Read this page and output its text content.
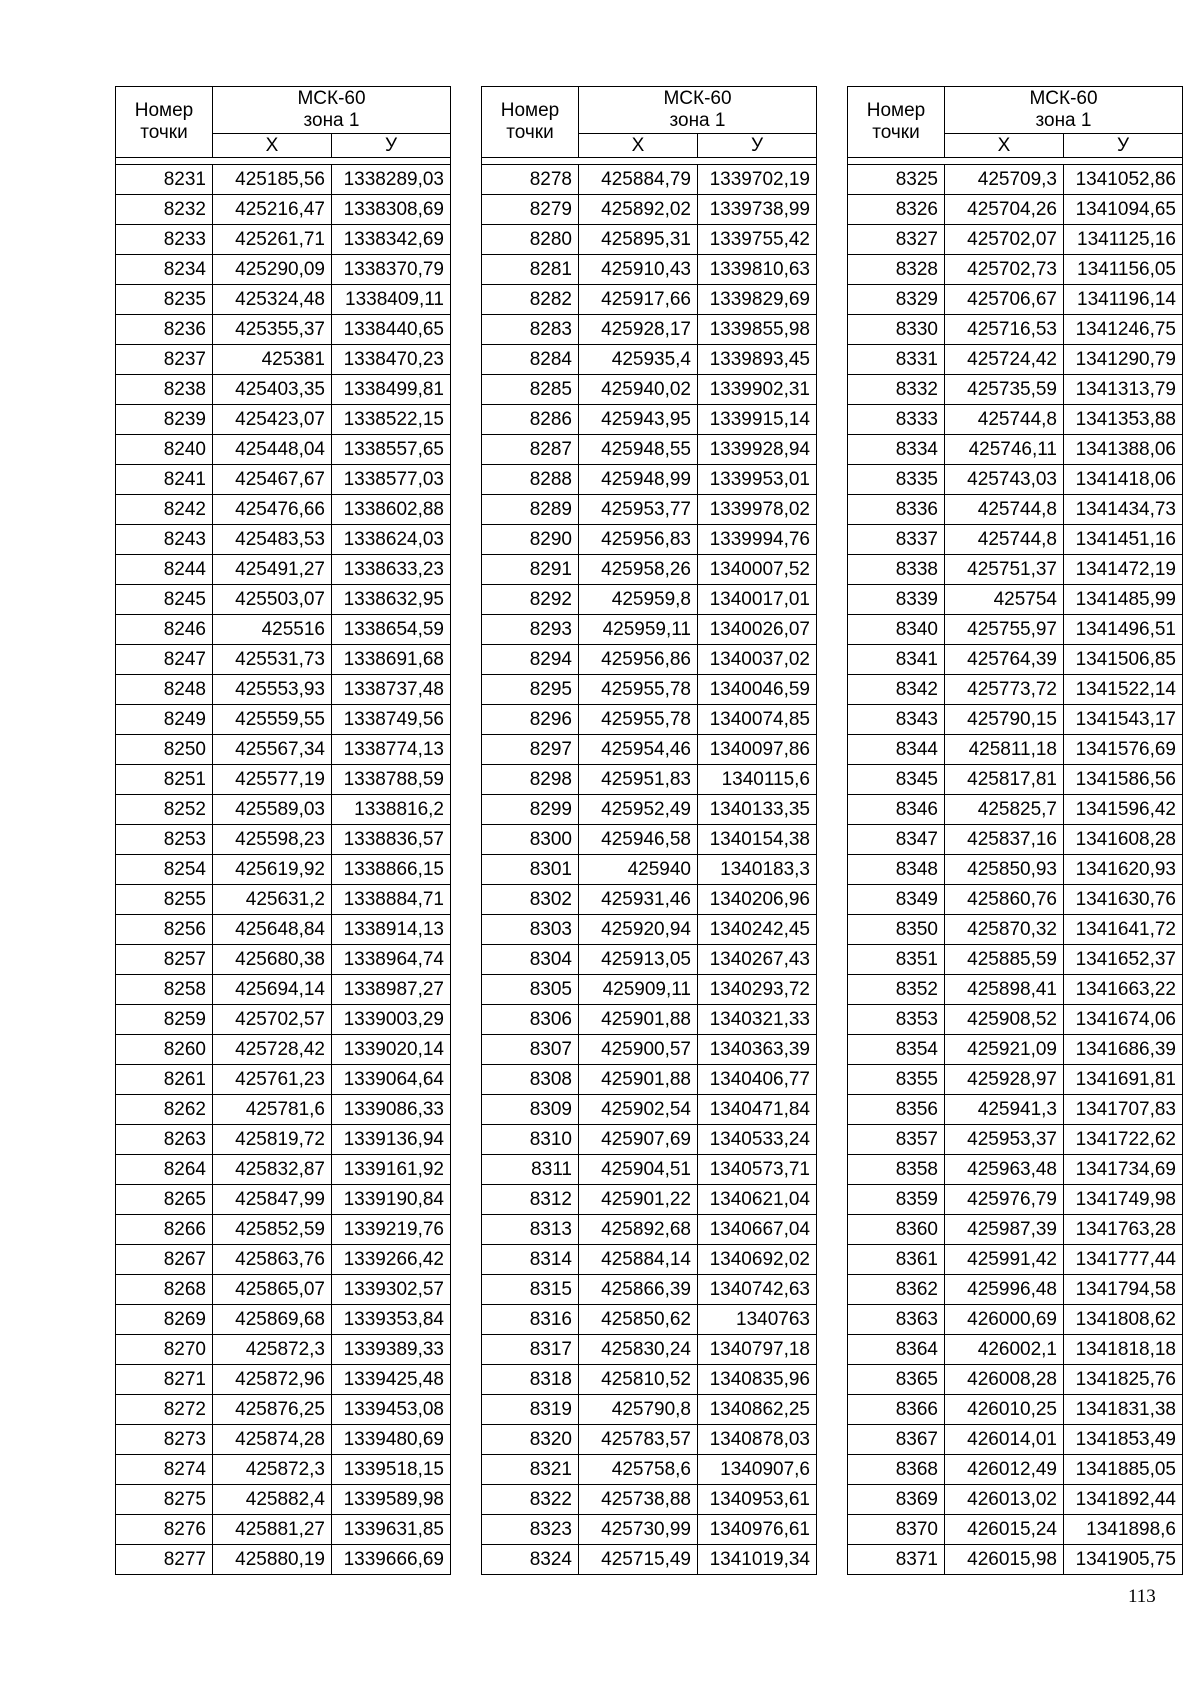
Номер
точки	МСК-60
зона 1	
	Х	У

8231	425185,56	1338289,03
8232	425216,47	1338308,69
8233	425261,71	1338342,69
8234	425290,09	1338370,79
8235	425324,48	1338409,11
8236	425355,37	1338440,65
8237	425381	1338470,23
8238	425403,35	1338499,81
8239	425423,07	1338522,15
8240	425448,04	1338557,65
8241	425467,67	1338577,03
8242	425476,66	1338602,88
8243	425483,53	1338624,03
8244	425491,27	1338633,23
8245	425503,07	1338632,95
8246	425516	1338654,59
8247	425531,73	1338691,68
8248	425553,93	1338737,48
8249	425559,55	1338749,56
8250	425567,34	1338774,13
8251	425577,19	1338788,59
8252	425589,03	1338816,2
8253	425598,23	1338836,57
8254	425619,92	1338866,15
8255	425631,2	1338884,71
8256	425648,84	1338914,13
8257	425680,38	1338964,74
8258	425694,14	1338987,27
8259	425702,57	1339003,29
8260	425728,42	1339020,14
8261	425761,23	1339064,64
8262	425781,6	1339086,33
8263	425819,72	1339136,94
8264	425832,87	1339161,92
8265	425847,99	1339190,84
8266	425852,59	1339219,76
8267	425863,76	1339266,42
8268	425865,07	1339302,57
8269	425869,68	1339353,84
8270	425872,3	1339389,33
8271	425872,96	1339425,48
8272	425876,25	1339453,08
8273	425874,28	1339480,69
8274	425872,3	1339518,15
8275	425882,4	1339589,98
8276	425881,27	1339631,85
8277	425880,19	1339666,69
Номер
точки	МСК-60
зона 1	
	Х	У

8278	425884,79	1339702,19
8279	425892,02	1339738,99
8280	425895,31	1339755,42
8281	425910,43	1339810,63
8282	425917,66	1339829,69
8283	425928,17	1339855,98
8284	425935,4	1339893,45
8285	425940,02	1339902,31
8286	425943,95	1339915,14
8287	425948,55	1339928,94
8288	425948,99	1339953,01
8289	425953,77	1339978,02
8290	425956,83	1339994,76
8291	425958,26	1340007,52
8292	425959,8	1340017,01
8293	425959,11	1340026,07
8294	425956,86	1340037,02
8295	425955,78	1340046,59
8296	425955,78	1340074,85
8297	425954,46	1340097,86
8298	425951,83	1340115,6
8299	425952,49	1340133,35
8300	425946,58	1340154,38
8301	425940	1340183,3
8302	425931,46	1340206,96
8303	425920,94	1340242,45
8304	425913,05	1340267,43
8305	425909,11	1340293,72
8306	425901,88	1340321,33
8307	425900,57	1340363,39
8308	425901,88	1340406,77
8309	425902,54	1340471,84
8310	425907,69	1340533,24
8311	425904,51	1340573,71
8312	425901,22	1340621,04
8313	425892,68	1340667,04
8314	425884,14	1340692,02
8315	425866,39	1340742,63
8316	425850,62	1340763
8317	425830,24	1340797,18
8318	425810,52	1340835,96
8319	425790,8	1340862,25
8320	425783,57	1340878,03
8321	425758,6	1340907,6
8322	425738,88	1340953,61
8323	425730,99	1340976,61
8324	425715,49	1341019,34
Номер
точки	МСК-60
зона 1	
	Х	У

8325	425709,3	1341052,86
8326	425704,26	1341094,65
8327	425702,07	1341125,16
8328	425702,73	1341156,05
8329	425706,67	1341196,14
8330	425716,53	1341246,75
8331	425724,42	1341290,79
8332	425735,59	1341313,79
8333	425744,8	1341353,88
8334	425746,11	1341388,06
8335	425743,03	1341418,06
8336	425744,8	1341434,73
8337	425744,8	1341451,16
8338	425751,37	1341472,19
8339	425754	1341485,99
8340	425755,97	1341496,51
8341	425764,39	1341506,85
8342	425773,72	1341522,14
8343	425790,15	1341543,17
8344	425811,18	1341576,69
8345	425817,81	1341586,56
8346	425825,7	1341596,42
8347	425837,16	1341608,28
8348	425850,93	1341620,93
8349	425860,76	1341630,76
8350	425870,32	1341641,72
8351	425885,59	1341652,37
8352	425898,41	1341663,22
8353	425908,52	1341674,06
8354	425921,09	1341686,39
8355	425928,97	1341691,81
8356	425941,3	1341707,83
8357	425953,37	1341722,62
8358	425963,48	1341734,69
8359	425976,79	1341749,98
8360	425987,39	1341763,28
8361	425991,42	1341777,44
8362	425996,48	1341794,58
8363	426000,69	1341808,62
8364	426002,1	1341818,18
8365	426008,28	1341825,76
8366	426010,25	1341831,38
8367	426014,01	1341853,49
8368	426012,49	1341885,05
8369	426013,02	1341892,44
8370	426015,24	1341898,6
8371	426015,98	1341905,75
113
